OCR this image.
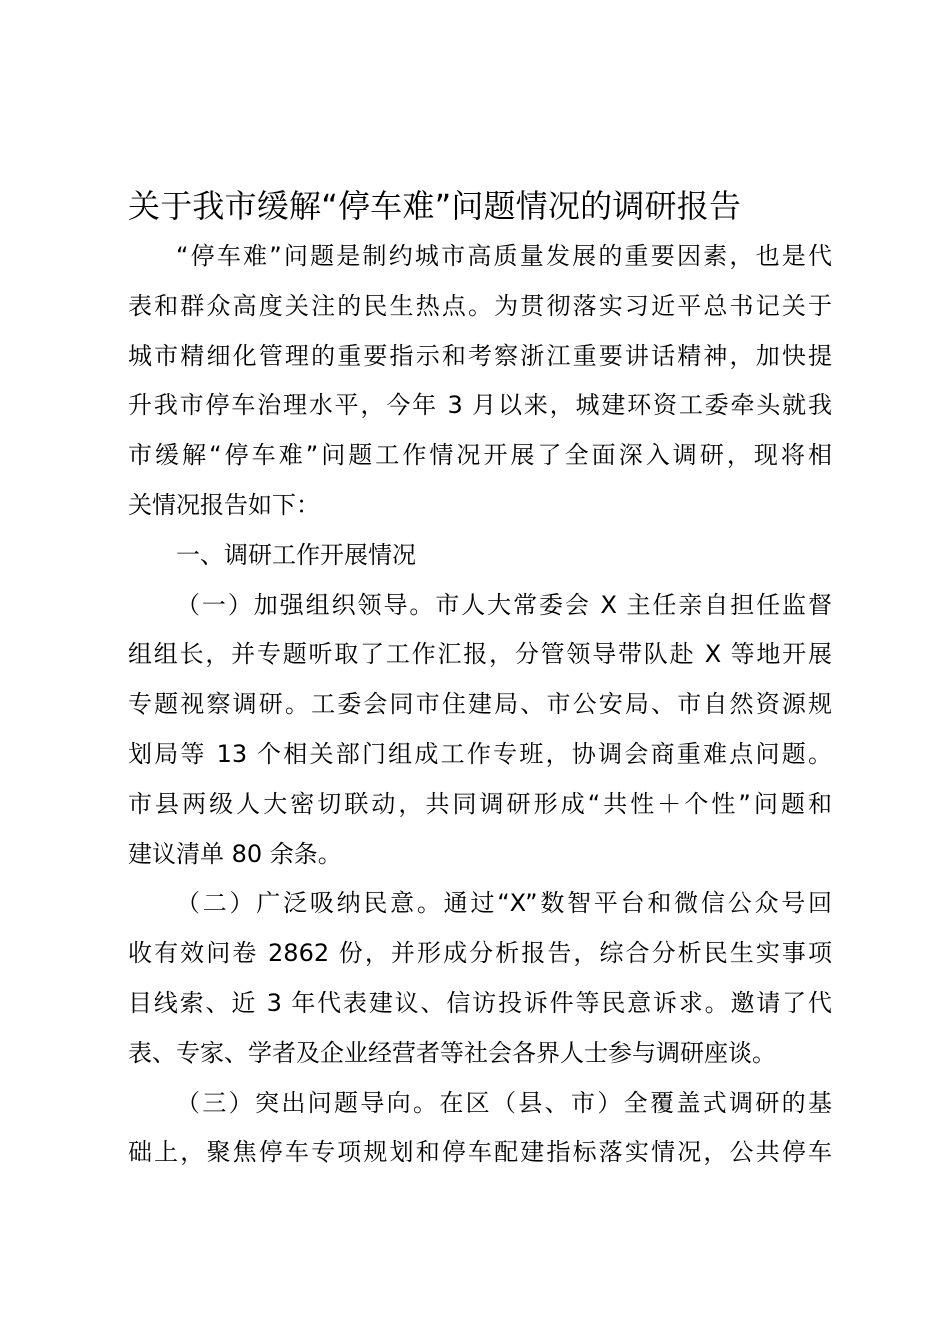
关于我市缓解“停车难”问题情况的调研报告
“停车难”问题是制约城市高质量发展的重要因素，也是代
表和群众高度关注的民生热点。为贯彻落实习近平总书记关于
城市精细化管理的重要指示和考察浙江重要讲话精神，加快提
升我市停车治理水平，今年 3 月以来，城建环资工委牵头就我
市缓解“停车难”问题工作情况开展了全面深入调研，现将相
关情况报告如下：
一、调研工作开展情况
（一）加强组织领导。市人大常委会 X 主任亲自担任监督
组组长，并专题听取了工作汇报，分管领导带队赴 X 等地开展
专题视察调研。工委会同市住建局、市公安局、市自然资源规
划局等 13 个相关部门组成工作专班，协调会商重难点问题。
市县两级人大密切联动，共同调研形成“共性＋个性”问题和
建议清单 80 余条。
（二）广泛吸纳民意。通过“X”数智平台和微信公众号回
收有效问卷 2862 份，并形成分析报告，综合分析民生实事项
目线索、近 3 年代表建议、信访投诉件等民意诉求。邀请了代
表、专家、学者及企业经营者等社会各界人士参与调研座谈。
（三）突出问题导向。在区（县、市）全覆盖式调研的基
础上，聚焦停车专项规划和停车配建指标落实情况，公共停车
